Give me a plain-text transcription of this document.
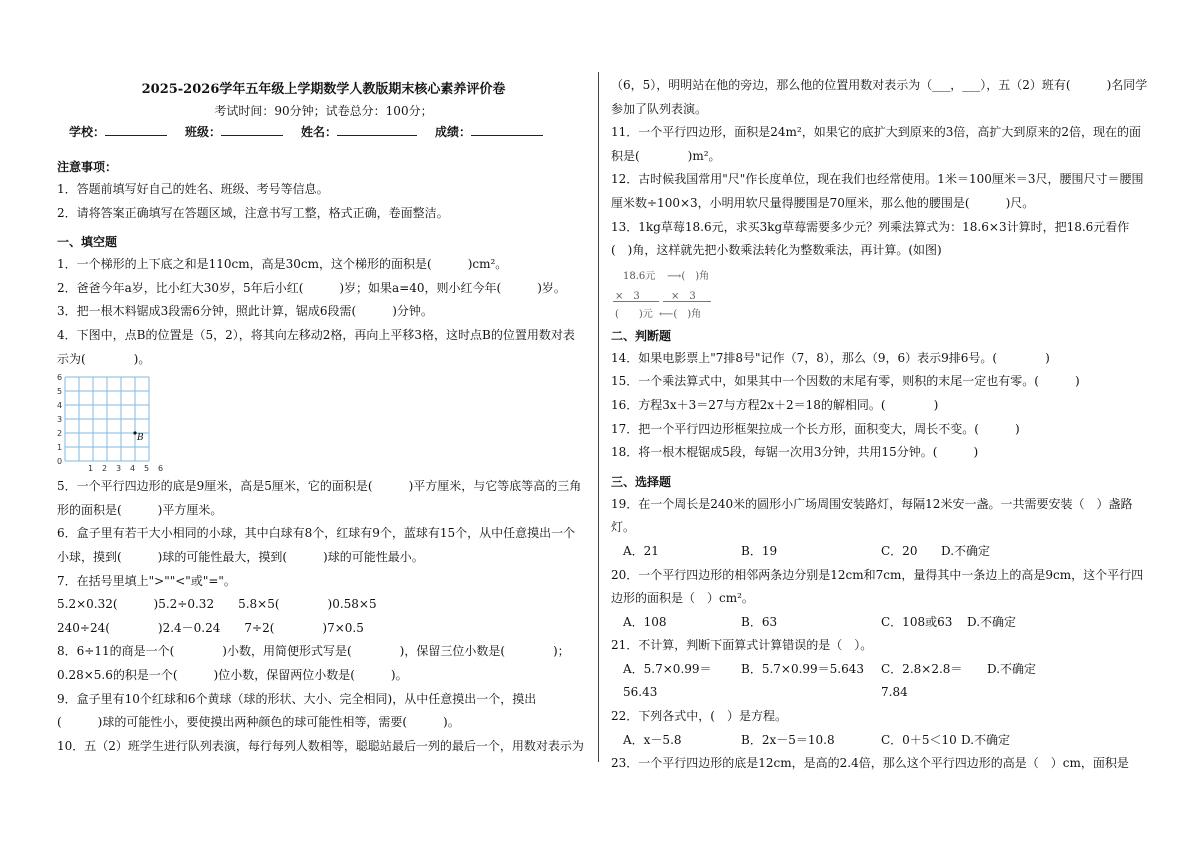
2025-2026学年五年级上学期数学人教版期末核心素养评价卷
考试时间：90分钟；试卷总分：100分；
学校：	班级：	姓名：	成绩：
注意事项：
1．答题前填写好自己的姓名、班级、考号等信息。
2．请将答案正确填写在答题区域，注意书写工整，格式正确，卷面整洁。
一、填空题
1．一个梯形的上下底之和是110cm，高是30cm，这个梯形的面积是(　　　)cm²。
2．爸爸今年a岁，比小红大30岁，5年后小红(　　　)岁；如果a=40，则小红今年(　　　)岁。
3．把一根木料锯成3段需6分钟，照此计算，锯成6段需(　　　)分钟。
4．下图中，点B的位置是（5，2），将其向左移动2格，再向上平移3格，这时点B的位置用数对表
示为(　　　　)。
6
5
4
3
2
1
0
1 2 3 4 5 6
B
5．一个平行四边形的底是9厘米，高是5厘米，它的面积是(　　　)平方厘米，与它等底等高的三角
形的面积是(　　　)平方厘米。
6．盒子里有若干大小相同的小球，其中白球有8个，红球有9个，蓝球有15个，从中任意摸出一个
小球，摸到(　　　)球的可能性最大，摸到(　　　)球的可能性最小。
7．在括号里填上">""<"或"="。
5.2×0.32(　　　)5.2÷0.32　　5.8×5(　　　　)0.58×5
240÷24(　　　　)2.4－0.24　　7÷2(　　　　)7×0.5
8．6÷11的商是一个(　　　　)小数，用简便形式写是(　　　　)，保留三位小数是(　　　　)；
0.28×5.6的积是一个(　　　)位小数，保留两位小数是(　　　)。
9．盒子里有10个红球和6个黄球（球的形状、大小、完全相同)，从中任意摸出一个，摸出
(　　　)球的可能性小，要使摸出两种颜色的球可能性相等，需要(　　　)。
10．五（2）班学生进行队列表演，每行每列人数相等，聪聪站最后一列的最后一个，用数对表示为
（6，5），明明站在他的旁边，那么他的位置用数对表示为（___，___），五（2）班有(　　　)名同学
参加了队列表演。
11．一个平行四边形，面积是24m²，如果它的底扩大到原来的3倍，高扩大到原来的2倍，现在的面
积是(　　　　)m²。
12．古时候我国常用"尺"作长度单位，现在我们也经常使用。1米＝100厘米＝3尺，腰围尺寸＝腰围
厘米数÷100×3，小明用软尺量得腰围是70厘米，那么他的腰围是(　　　)尺。
13．1kg草莓18.6元，求买3kg草莓需要多少元？列乘法算式为：18.6×3计算时，把18.6元看作
(　)角，这样就先把小数乘法转化为整数乘法，再计算。(如图)
18.6元 ⟶(　)角
×　3	×　3
(　　)元 ⟵(　)角
二、判断题
14．如果电影票上"7排8号"记作（7，8），那么（9，6）表示9排6号。(　　　　)
15．一个乘法算式中，如果其中一个因数的末尾有零，则积的末尾一定也有零。(　　　)
16．方程3x＋3＝27与方程2x＋2＝18的解相同。(　　　　)
17．把一个平行四边形框架拉成一个长方形，面积变大，周长不变。(　　　)
18．将一根木棍锯成5段，每锯一次用3分钟，共用15分钟。(　　　)
三、选择题
19．在一个周长是240米的圆形小广场周围安装路灯，每隔12米安一盏。一共需要安装（　）盏路
灯。
A．21	B．19	C．20	D.不确定
20．一个平行四边形的相邻两条边分别是12cm和7cm，量得其中一条边上的高是9cm，这个平行四
边形的面积是（　）cm²。
A．108	B．63	C．108或63	D.不确定
21．不计算，判断下面算式计算错误的是（　）。
A．5.7×0.99＝56.43
B．5.7×0.99＝5.643	C．2.8×2.8＝7.84
D.不确定
22．下列各式中，(　）是方程。
A．x－5.8	B．2x－5＝10.8	C．0＋5＜10 D.不确定
23．一个平行四边形的底是12cm，是高的2.4倍，那么这个平行四边形的高是（　）cm，面积是
